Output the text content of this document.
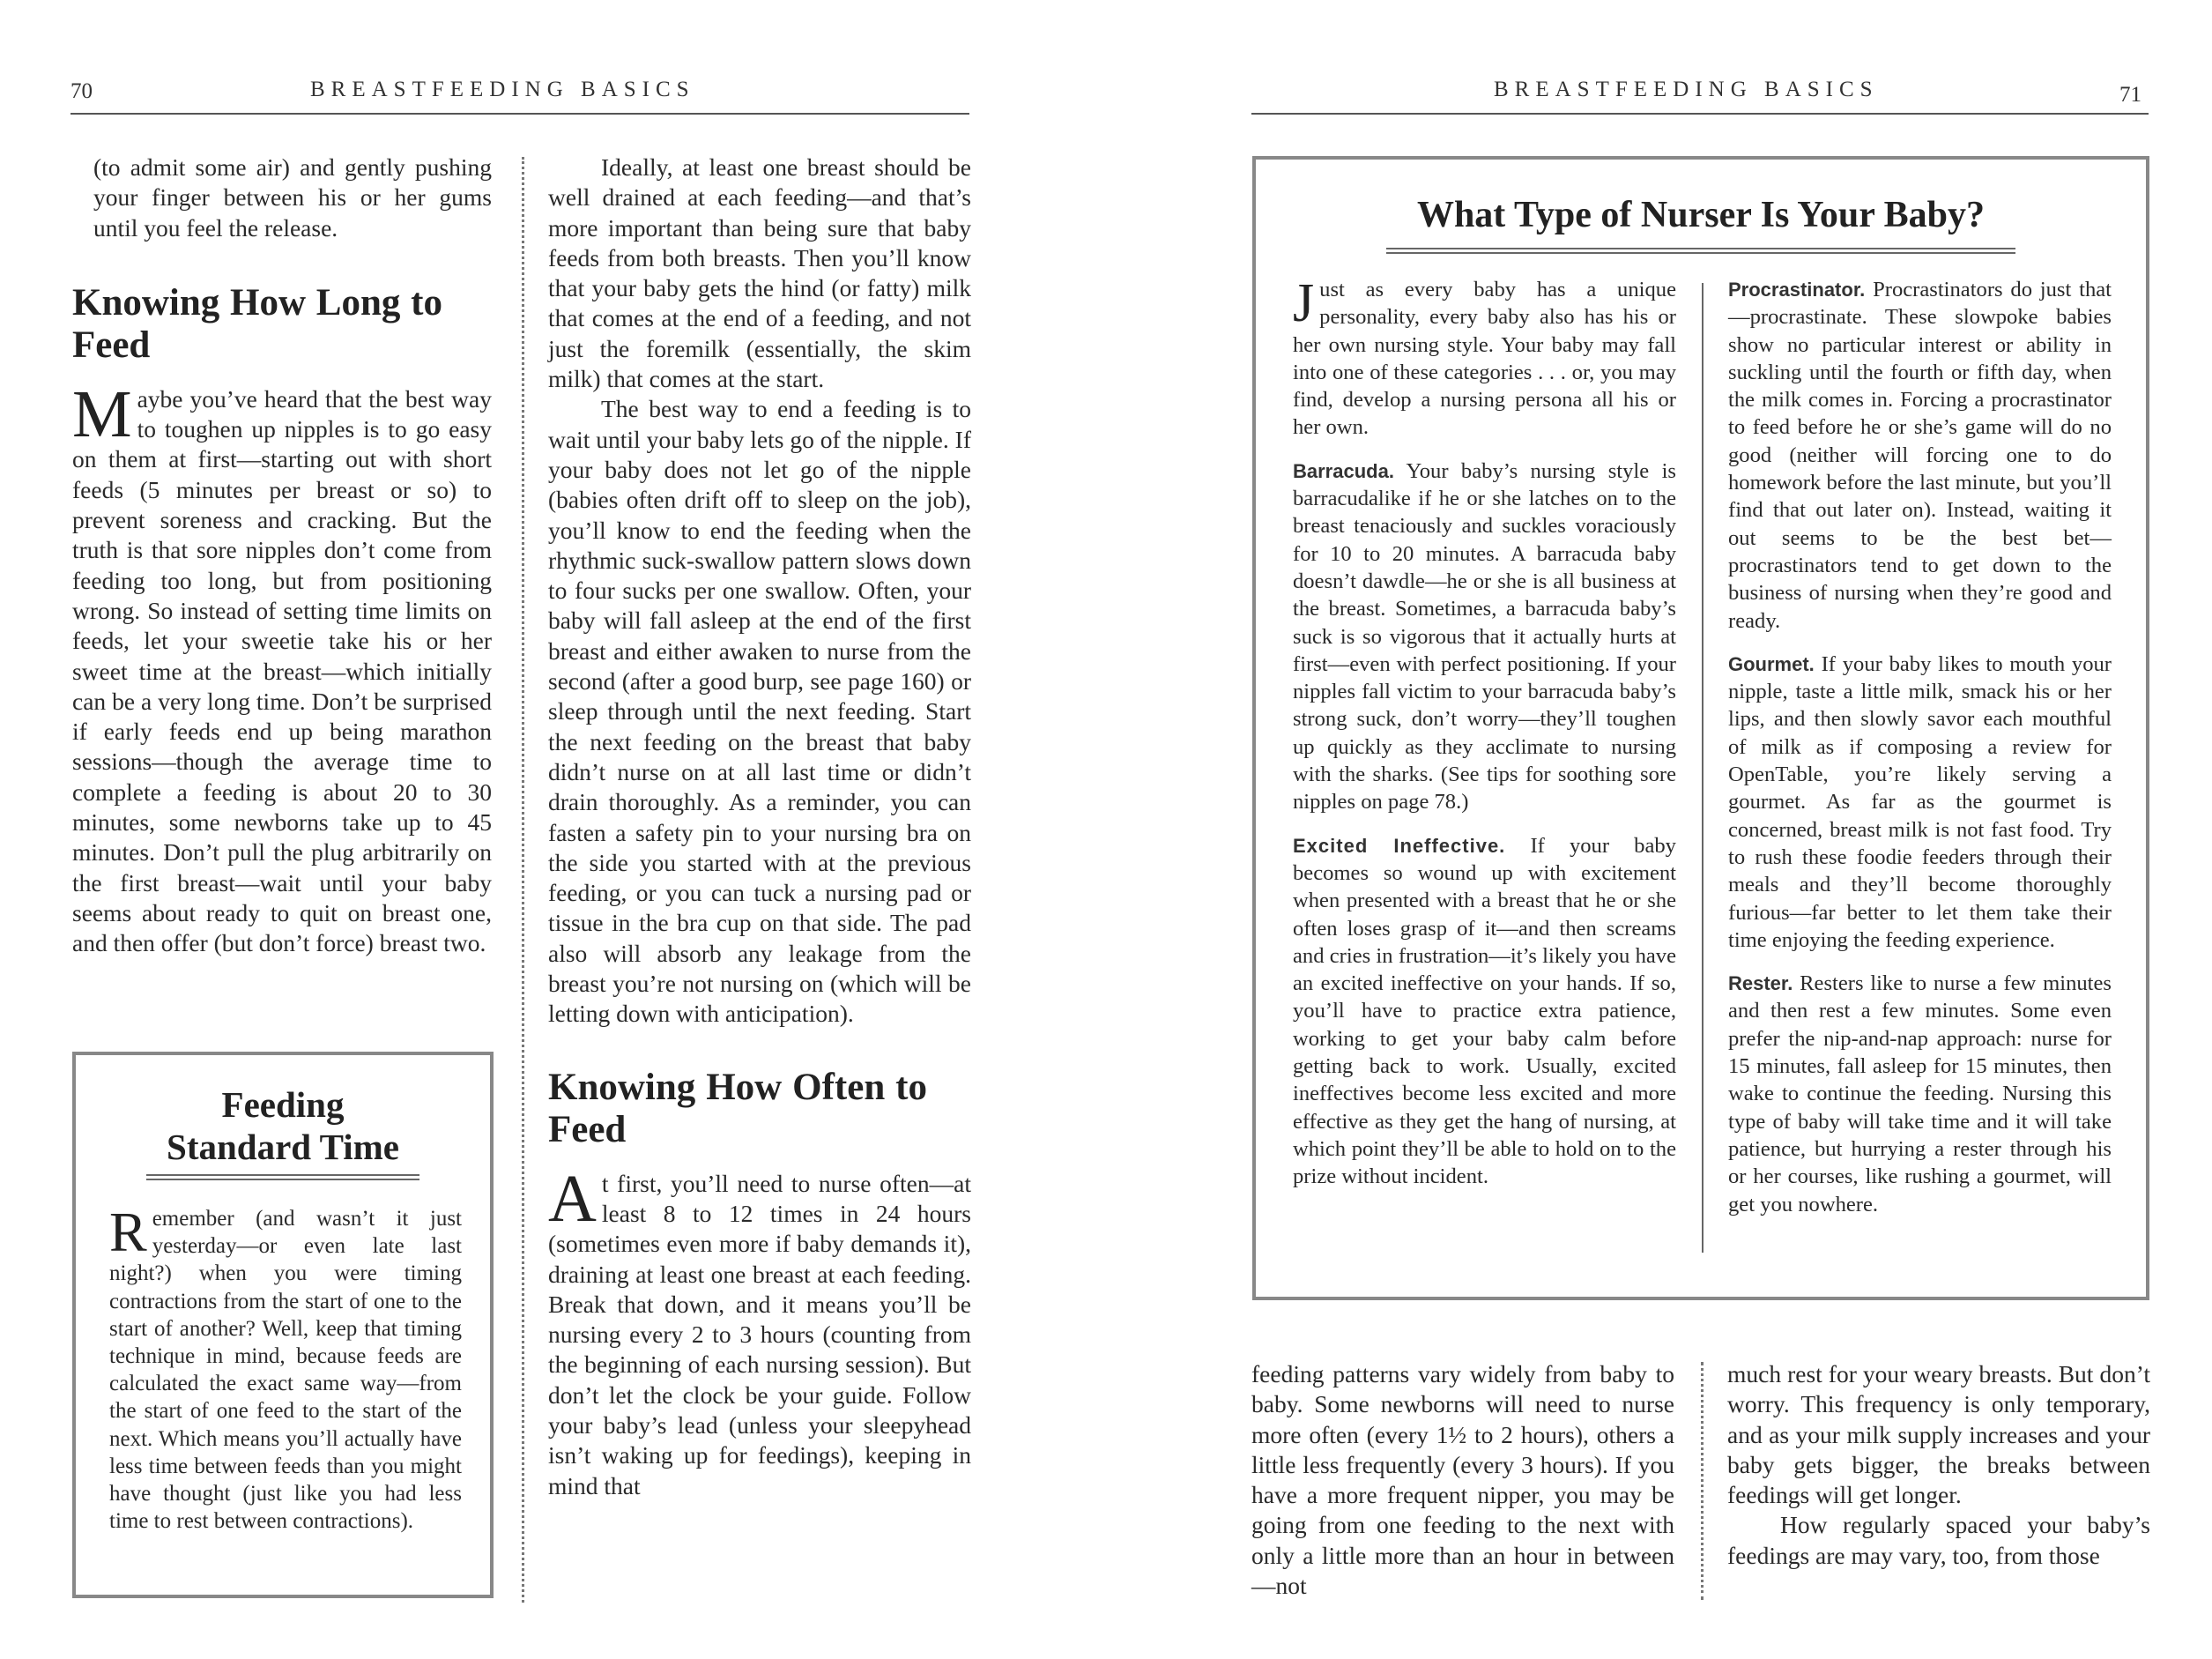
70	BREASTFEEDING BASICS

(to admit some air) and gently pushing your finger between his or her gums until you feel the release.

Knowing How Long to Feed

Maybe you’ve heard that the best way to toughen up nipples is to go easy on them at first—starting out with short feeds (5 minutes per breast or so) to prevent soreness and cracking. But the truth is that sore nipples don’t come from feeding too long, but from positioning wrong. So instead of setting time limits on feeds, let your sweetie take his or her sweet time at the breast—which initially can be a very long time. Don’t be surprised if early feeds end up being marathon sessions—though the average time to complete a feeding is about 20 to 30 minutes, some newborns take up to 45 minutes. Don’t pull the plug arbitrarily on the first breast—wait until your baby seems about ready to quit on breast one, and then offer (but don’t force) breast two.

Feeding
Standard Time

Remember (and wasn’t it just yesterday—or even late last night?) when you were timing contractions from the start of one to the start of another? Well, keep that timing technique in mind, because feeds are calculated the exact same way—from the start of one feed to the start of the next. Which means you’ll actually have less time between feeds than you might have thought (just like you had less time to rest between contractions).

Ideally, at least one breast should be well drained at each feeding—and that’s more important than being sure that baby feeds from both breasts. Then you’ll know that your baby gets the hind (or fatty) milk that comes at the end of a feeding, and not just the foremilk (essentially, the skim milk) that comes at the start.

The best way to end a feeding is to wait until your baby lets go of the nipple. If your baby does not let go of the nipple (babies often drift off to sleep on the job), you’ll know to end the feeding when the rhythmic suck-swallow pattern slows down to four sucks per one swallow. Often, your baby will fall asleep at the end of the first breast and either awaken to nurse from the second (after a good burp, see page 160) or sleep through until the next feeding. Start the next feeding on the breast that baby didn’t nurse on at all last time or didn’t drain thoroughly. As a reminder, you can fasten a safety pin to your nursing bra on the side you started with at the previous feeding, or you can tuck a nursing pad or tissue in the bra cup on that side. The pad also will absorb any leakage from the breast you’re not nursing on (which will be letting down with anticipation).

Knowing How Often to Feed

At first, you’ll need to nurse often—at least 8 to 12 times in 24 hours (sometimes even more if baby demands it), draining at least one breast at each feeding. Break that down, and it means you’ll be nursing every 2 to 3 hours (counting from the beginning of each nursing session). But don’t let the clock be your guide. Follow your baby’s lead (unless your sleepyhead isn’t waking up for feedings), keeping in mind that

BREASTFEEDING BASICS	71
What Type of Nurser Is Your Baby?

Just as every baby has a unique personality, every baby also has his or her own nursing style. Your baby may fall into one of these categories . . . or, you may find, develop a nursing persona all his or her own.

Barracuda. Your baby’s nursing style is barracudalike if he or she latches on to the breast tenaciously and suckles voraciously for 10 to 20 minutes. A barracuda baby doesn’t dawdle—he or she is all business at the breast. Sometimes, a barracuda baby’s suck is so vigorous that it actually hurts at first—even with perfect positioning. If your nipples fall victim to your barracuda baby’s strong suck, don’t worry—they’ll toughen up quickly as they acclimate to nursing with the sharks. (See tips for soothing sore nipples on page 78.)

Excited Ineffective. If your baby becomes so wound up with excitement when presented with a breast that he or she often loses grasp of it—and then screams and cries in frustration—it’s likely you have an excited ineffective on your hands. If so, you’ll have to practice extra patience, working to get your baby calm before getting back to work. Usually, excited ineffectives become less excited and more effective as they get the hang of nursing, at which point they’ll be able to hold on to the prize without incident.

Procrastinator. Procrastinators do just that—procrastinate. These slowpoke babies show no particular interest or ability in suckling until the fourth or fifth day, when the milk comes in. Forcing a procrastinator to feed before he or she’s game will do no good (neither will forcing one to do homework before the last minute, but you’ll find that out later on). Instead, waiting it out seems to be the best bet—procrastinators tend to get down to the business of nursing when they’re good and ready.

Gourmet. If your baby likes to mouth your nipple, taste a little milk, smack his or her lips, and then slowly savor each mouthful of milk as if composing a review for OpenTable, you’re likely serving a gourmet. As far as the gourmet is concerned, breast milk is not fast food. Try to rush these foodie feeders through their meals and they’ll become thoroughly furious—far better to let them take their time enjoying the feeding experience.

Rester. Resters like to nurse a few minutes and then rest a few minutes. Some even prefer the nip-and-nap approach: nurse for 15 minutes, fall asleep for 15 minutes, then wake to continue the feeding. Nursing this type of baby will take time and it will take patience, but hurrying a rester through his or her courses, like rushing a gourmet, will get you nowhere.

feeding patterns vary widely from baby to baby. Some newborns will need to nurse more often (every 1½ to 2 hours), others a little less frequently (every 3 hours). If you have a more frequent nipper, you may be going from one feeding to the next with only a little more than an hour in between—not

much rest for your weary breasts. But don’t worry. This frequency is only temporary, and as your milk supply increases and your baby gets bigger, the breaks between feedings will get longer.

How regularly spaced your baby’s feedings are may vary, too, from those
